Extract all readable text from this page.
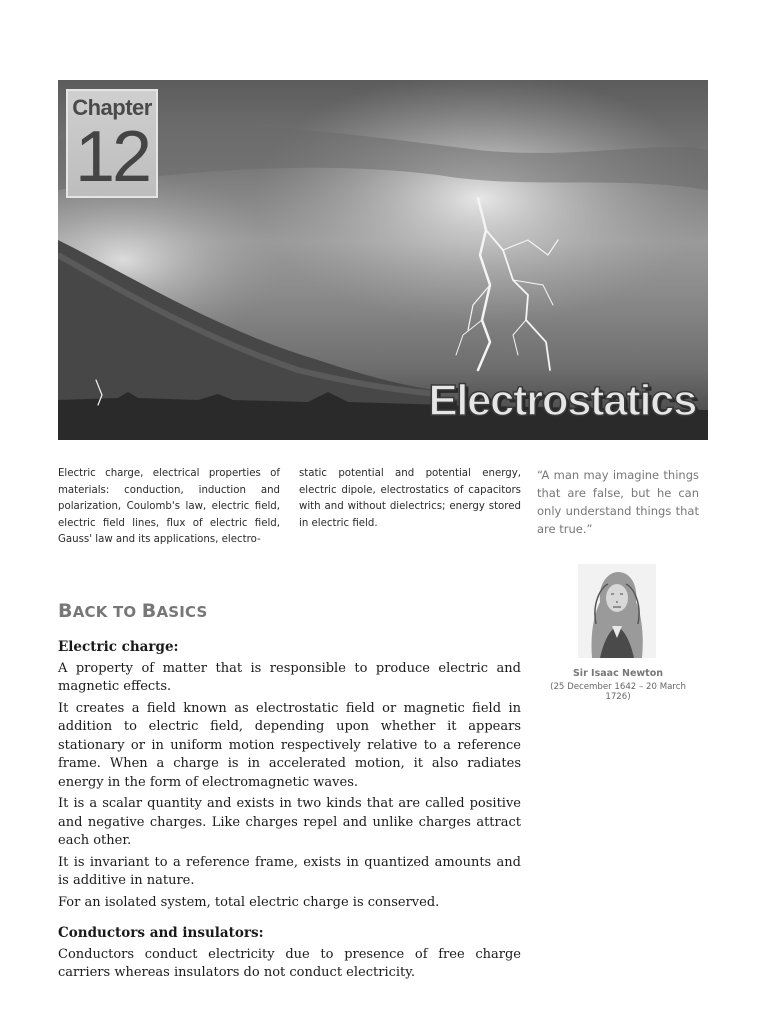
Chapter
12
Electrostatics
Electric charge, electrical properties of materials: conduction, induction and polarization, Coulomb's law, electric field, electric field lines, flux of electric field, Gauss' law and its applications, electro-
static potential and potential energy, electric dipole, electrostatics of capacitors with and without dielectrics; energy stored in electric field.
“A man may imagine things that are false, but he can only understand things that are true.”
Sir Isaac Newton
(25 December 1642 – 20 March 1726)
BACK TO BASICS
Electric charge:

A property of matter that is responsible to produce electric and magnetic effects.

It creates a field known as electrostatic field or magnetic field in addition to electric field, depending upon whether it appears stationary or in uniform motion respectively relative to a reference frame. When a charge is in accelerated motion, it also radiates energy in the form of electromagnetic waves.

It is a scalar quantity and exists in two kinds that are called positive and negative charges. Like charges repel and unlike charges attract each other.

It is invariant to a reference frame, exists in quantized amounts and is additive in nature.

For an isolated system, total electric charge is conserved.

Conductors and insulators:

Conductors conduct electricity due to presence of free charge carriers whereas insulators do not conduct electricity.
